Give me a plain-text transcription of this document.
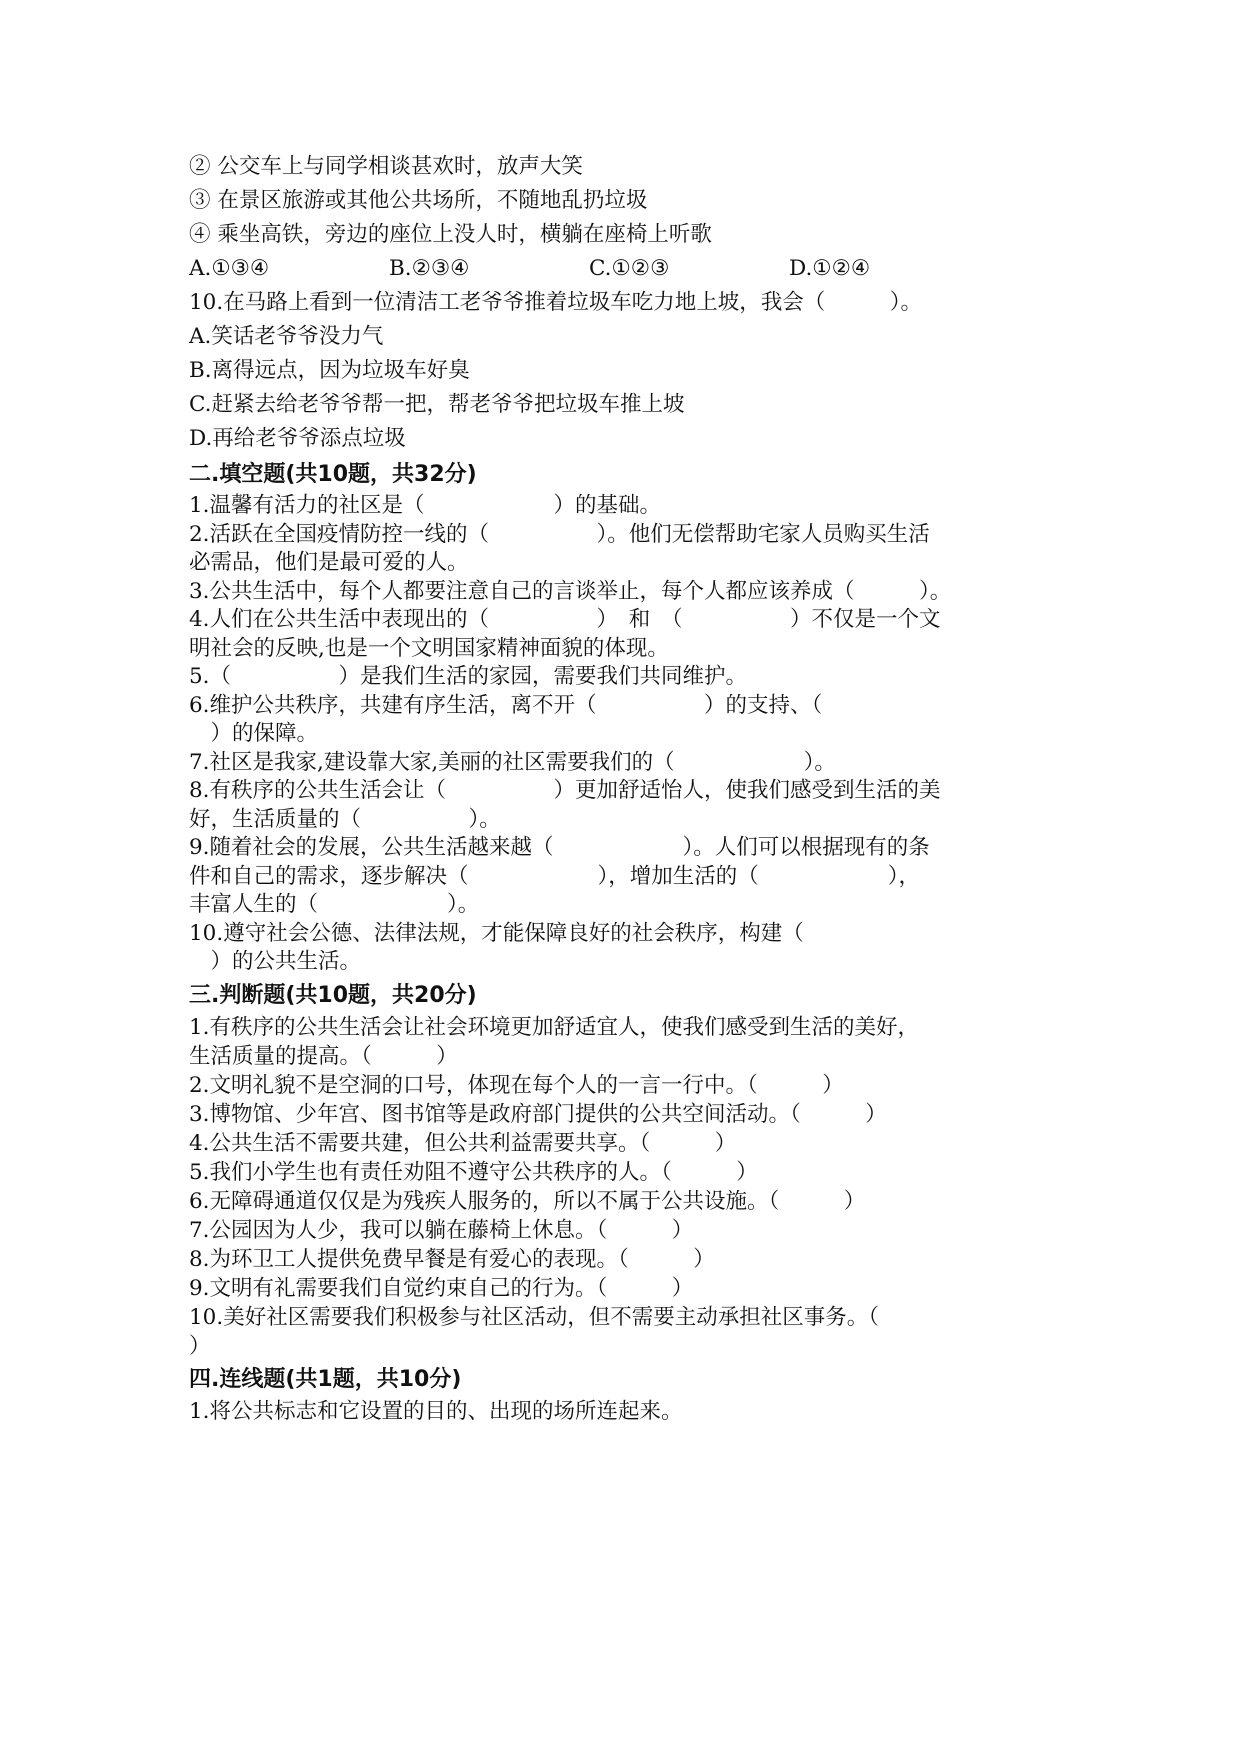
② 公交车上与同学相谈甚欢时，放声大笑
③ 在景区旅游或其他公共场所，不随地乱扔垃圾
④ 乘坐高铁，旁边的座位上没人时，横躺在座椅上听歌
A.①③④	B.②③④	C.①②③	D.①②④
10.在马路上看到一位清洁工老爷爷推着垃圾车吃力地上坡，我会（　　　）。
A.笑话老爷爷没力气
B.离得远点，因为垃圾车好臭
C.赶紧去给老爷爷帮一把，帮老爷爷把垃圾车推上坡
D.再给老爷爷添点垃圾
二.填空题(共10题，共32分)
1.温馨有活力的社区是（　　　　　　）的基础。
2.活跃在全国疫情防控一线的（　　　　　）。他们无偿帮助宅家人员购买生活
必需品，他们是最可爱的人。
3.公共生活中，每个人都要注意自己的言谈举止，每个人都应该养成（　　　）。
4.人们在公共生活中表现出的（　　　　　）　和　（　　　　　）不仅是一个文
明社会的反映,也是一个文明国家精神面貌的体现。
5.（　　　　　）是我们生活的家园，需要我们共同维护。
6.维护公共秩序，共建有序生活，离不开（　　　　　）的支持、（
　）的保障。
7.社区是我家,建设靠大家,美丽的社区需要我们的（　　　　　　）。
8.有秩序的公共生活会让（　　　　　）更加舒适怡人，使我们感受到生活的美
好，生活质量的（　　　　　）。
9.随着社会的发展，公共生活越来越（　　　　　　）。人们可以根据现有的条
件和自己的需求，逐步解决（　　　　　　），增加生活的（　　　　　　），
丰富人生的（　　　　　　）。
10.遵守社会公德、法律法规，才能保障良好的社会秩序，构建（
　）的公共生活。
三.判断题(共10题，共20分)
1.有秩序的公共生活会让社会环境更加舒适宜人，使我们感受到生活的美好，
生活质量的提高。（　　　）
2.文明礼貌不是空洞的口号，体现在每个人的一言一行中。（　　　）
3.博物馆、少年宫、图书馆等是政府部门提供的公共空间活动。（　　　）
4.公共生活不需要共建，但公共利益需要共享。（　　　）
5.我们小学生也有责任劝阻不遵守公共秩序的人。（　　　）
6.无障碍通道仅仅是为残疾人服务的，所以不属于公共设施。（　　　）
7.公园因为人少，我可以躺在藤椅上休息。（　　　）
8.为环卫工人提供免费早餐是有爱心的表现。（　　　）
9.文明有礼需要我们自觉约束自己的行为。（　　　）
10.美好社区需要我们积极参与社区活动，但不需要主动承担社区事务。（
）
四.连线题(共1题，共10分)
1.将公共标志和它设置的目的、出现的场所连起来。
